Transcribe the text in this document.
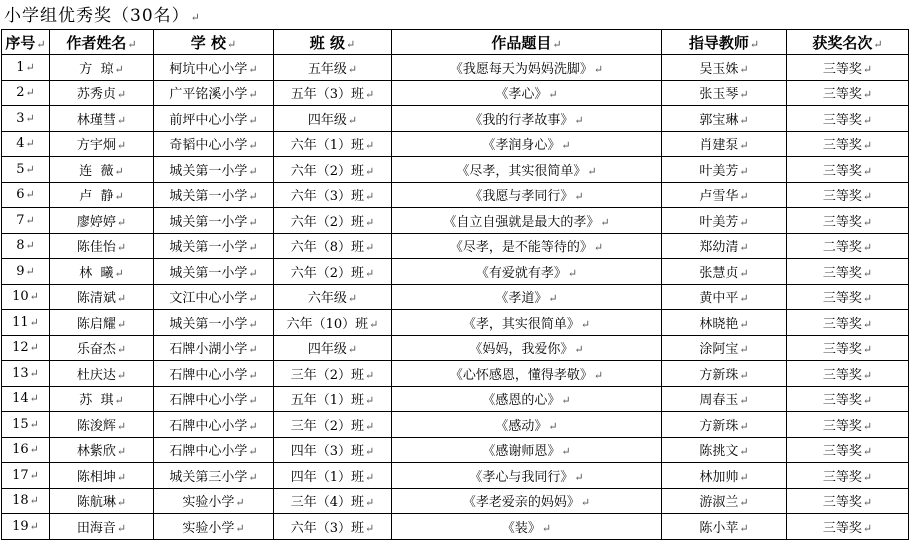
小学组优秀奖（30名）↵
序号↵	作者姓名↵	学 校↵	班 级↵	作品题目↵	指导教师↵	获奖名次↵
1↵	方  琼↵	柯坑中心小学↵	五年级↵	《我愿每天为妈妈洗脚》↵	吴玉姝↵	三等奖↵
2↵	苏秀贞↵	广平铭溪小学↵	五年（3）班↵	《孝心》↵	张玉琴↵	三等奖↵
3↵	林瑾彗↵	前坪中心小学↵	四年级↵	《我的行孝故事》↵	郭宝琳↵	三等奖↵
4↵	方宇炯↵	奇韬中心小学↵	六年（1）班↵	《孝润身心》↵	肖建泵↵	三等奖↵
5↵	连  薇↵	城关第一小学↵	六年（2）班↵	《尽孝，其实很简单》↵	叶美芳↵	三等奖↵
6↵	卢  静↵	城关第一小学↵	六年（3）班↵	《我愿与孝同行》↵	卢雪华↵	三等奖↵
7↵	廖婷婷↵	城关第一小学↵	六年（2）班↵	《自立自强就是最大的孝》↵	叶美芳↵	三等奖↵
8↵	陈佳怡↵	城关第一小学↵	六年（8）班↵	《尽孝，是不能等待的》↵	郑幼清↵	二等奖↵
9↵	林  曦↵	城关第一小学↵	六年（2）班↵	《有爱就有孝》↵	张慧贞↵	三等奖↵
10↵	陈清斌↵	文江中心小学↵	六年级↵	《孝道》↵	黄中平↵	三等奖↵
11↵	陈启耀↵	城关第一小学↵	六年（10）班↵	《孝，其实很简单》↵	林晓艳↵	三等奖↵
12↵	乐奋杰↵	石牌小湖小学↵	四年级↵	《妈妈，我爱你》↵	涂阿宝↵	三等奖↵
13↵	杜庆达↵	石牌中心小学↵	三年（2）班↵	《心怀感恩，懂得孝敬》↵	方新珠↵	三等奖↵
14↵	苏  琪↵	石牌中心小学↵	五年（1）班↵	《感恩的心》↵	周春玉↵	三等奖↵
15↵	陈浚辉↵	石牌中心小学↵	三年（2）班↵	《感动》↵	方新珠↵	三等奖↵
16↵	林紫欣↵	石牌中心小学↵	四年（3）班↵	《感谢师恩》↵	陈挑文↵	三等奖↵
17↵	陈相坤↵	城关第三小学↵	四年（1）班↵	《孝心与我同行》↵	林加帅↵	三等奖↵
18↵	陈航琳↵	实验小学↵	三年（4）班↵	《孝老爱亲的妈妈》↵	游淑兰↵	三等奖↵
19↵	田海音↵	实验小学↵	六年（3）班↵	《装》↵	陈小苹↵	三等奖↵
